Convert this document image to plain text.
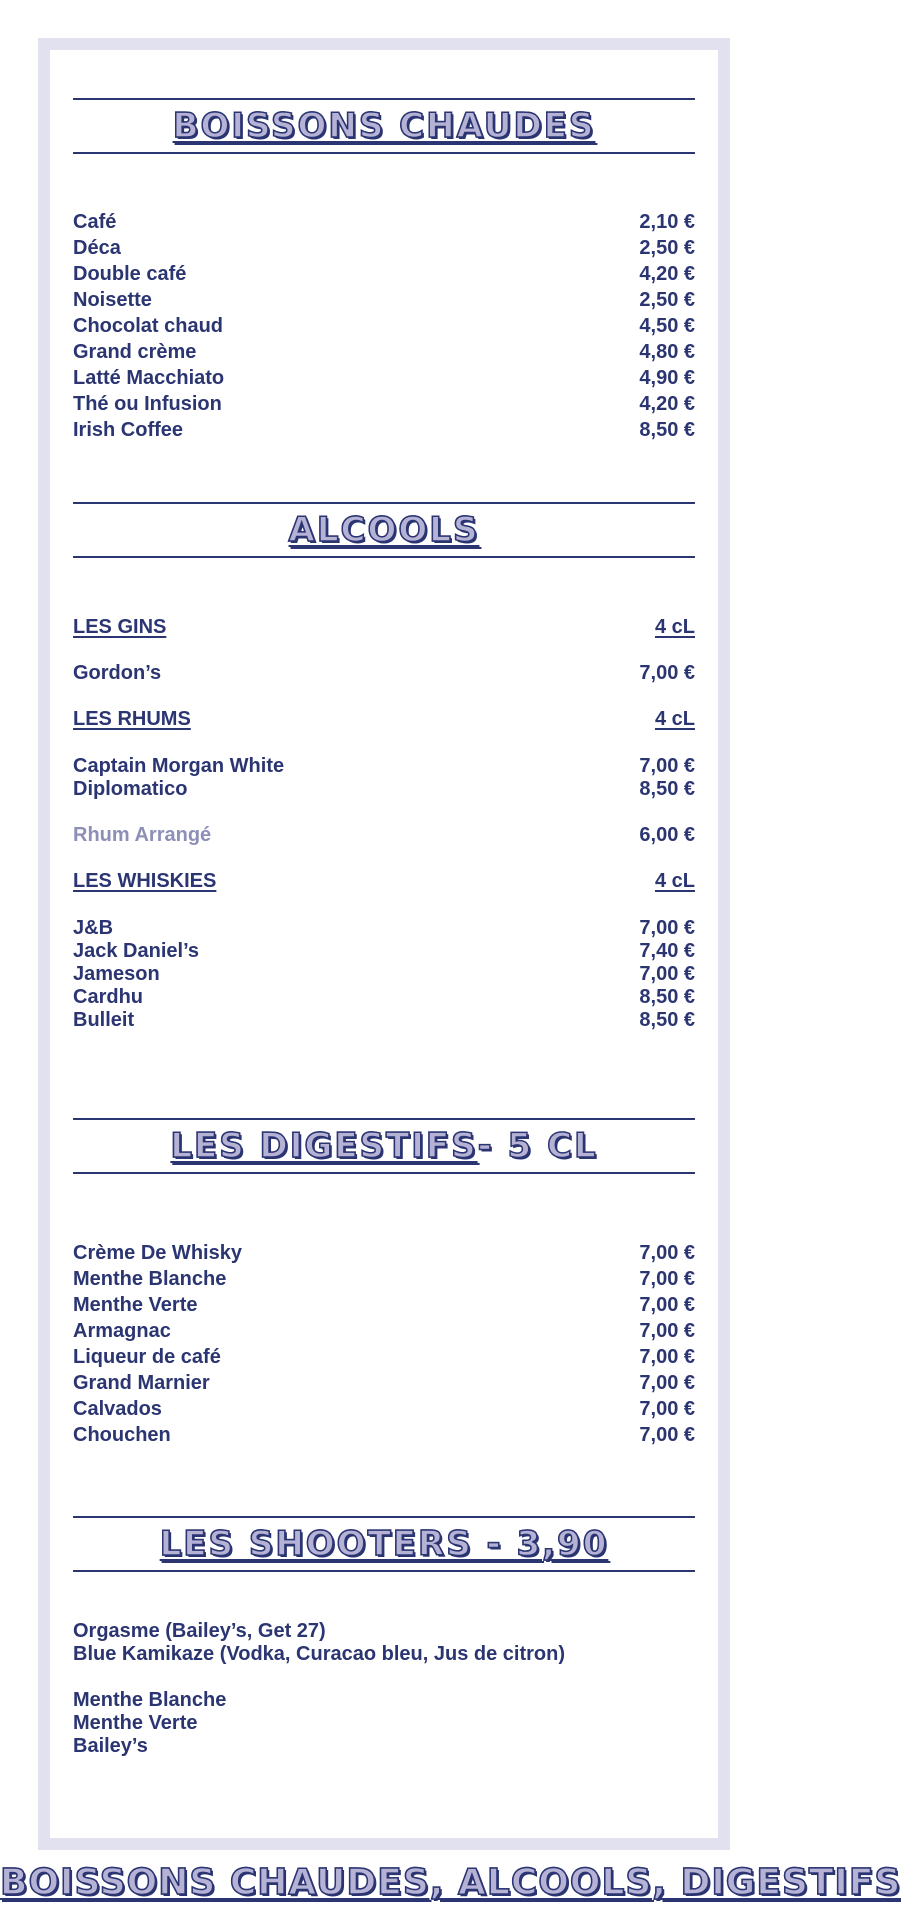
BOISSONS CHAUDES
Café	2,10 €
Déca	2,50 €
Double café	4,20 €
Noisette	2,50 €
Chocolat chaud	4,50 €
Grand crème	4,80 €
Latté Macchiato	4,90 €
Thé ou Infusion	4,20 €
Irish Coffee	8,50 €
ALCOOLS
LES GINS	4 cL
Gordon’s	7,00 €
LES RHUMS	4 cL
Captain Morgan White	7,00 €
Diplomatico	8,50 €
Rhum Arrangé	6,00 €
LES WHISKIES	4 cL
J&B	7,00 €
Jack Daniel’s	7,40 €
Jameson	7,00 €
Cardhu	8,50 €
Bulleit	8,50 €
LES DIGESTIFS- 5 CL
Crème De Whisky	7,00 €
Menthe Blanche	7,00 €
Menthe Verte	7,00 €
Armagnac	7,00 €
Liqueur de café	7,00 €
Grand Marnier	7,00 €
Calvados	7,00 €
Chouchen	7,00 €
LES SHOOTERS - 3,90
Orgasme (Bailey’s, Get 27)
Blue Kamikaze (Vodka, Curacao bleu, Jus de citron)
Menthe Blanche
Menthe Verte
Bailey’s
BOISSONS CHAUDES, ALCOOLS, DIGESTIFS
